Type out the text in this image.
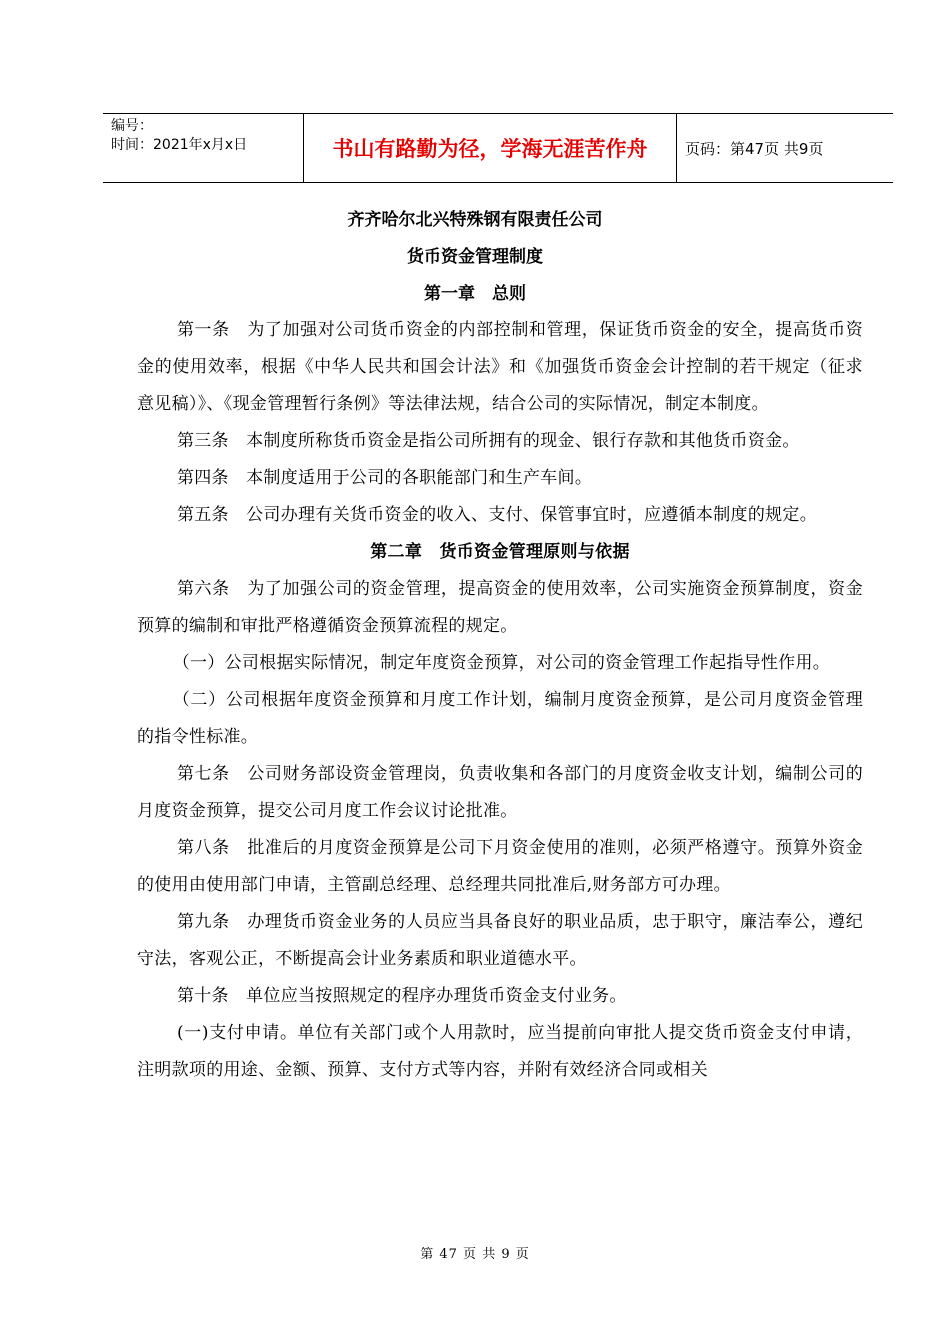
编号：
时间：2021年x月x日	书山有路勤为径，学海无涯苦作舟	页码：第47页 共9页
齐齐哈尔北兴特殊钢有限责任公司
货币资金管理制度
第一章　总则

第一条　为了加强对公司货币资金的内部控制和管理，保证货币资金的安全，提高货币资金的使用效率，根据《中华人民共和国会计法》和《加强货币资金会计控制的若干规定（征求意见稿）》、《现金管理暂行条例》等法律法规，结合公司的实际情况，制定本制度。

第三条　本制度所称货币资金是指公司所拥有的现金、银行存款和其他货币资金。

第四条　本制度适用于公司的各职能部门和生产车间。

第五条　公司办理有关货币资金的收入、支付、保管事宜时，应遵循本制度的规定。

第二章　货币资金管理原则与依据

第六条　为了加强公司的资金管理，提高资金的使用效率，公司实施资金预算制度，资金预算的编制和审批严格遵循资金预算流程的规定。

（一）公司根据实际情况，制定年度资金预算，对公司的资金管理工作起指导性作用。

（二）公司根据年度资金预算和月度工作计划，编制月度资金预算，是公司月度资金管理的指令性标准。

第七条　公司财务部设资金管理岗，负责收集和各部门的月度资金收支计划，编制公司的月度资金预算，提交公司月度工作会议讨论批准。

第八条　批准后的月度资金预算是公司下月资金使用的准则，必须严格遵守。预算外资金的使用由使用部门申请，主管副总经理、总经理共同批准后,财务部方可办理。

第九条　办理货币资金业务的人员应当具备良好的职业品质，忠于职守，廉洁奉公，遵纪守法，客观公正，不断提高会计业务素质和职业道德水平。

第十条　单位应当按照规定的程序办理货币资金支付业务。

(一)支付申请。单位有关部门或个人用款时，应当提前向审批人提交货币资金支付申请，注明款项的用途、金额、预算、支付方式等内容，并附有效经济合同或相关

第 47 页 共 9 页
